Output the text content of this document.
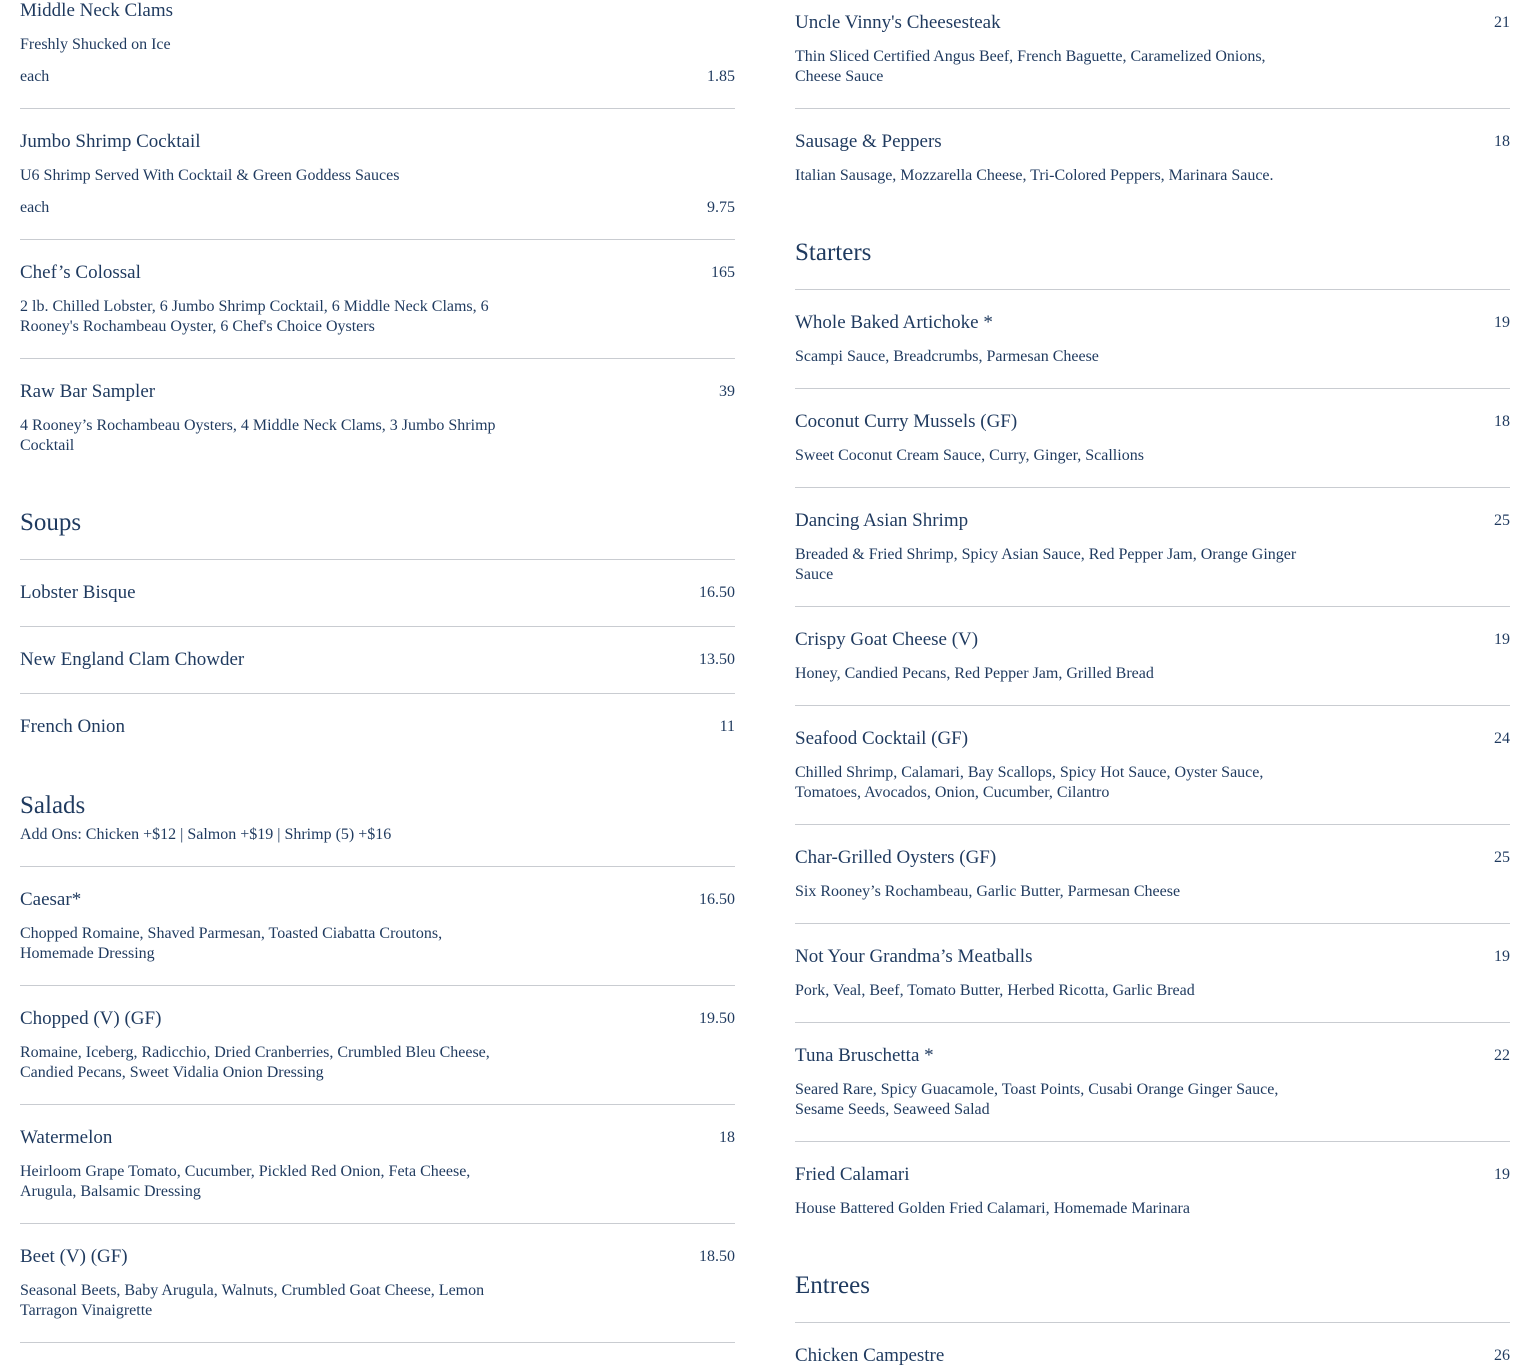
Middle Neck Clams
Freshly Shucked on Ice
each	1.85
Jumbo Shrimp Cocktail
U6 Shrimp Served With Cocktail & Green Goddess Sauces
each	9.75
Chef’s Colossal	165
2 lb. Chilled Lobster, 6 Jumbo Shrimp Cocktail, 6 Middle Neck Clams, 6
Rooney's Rochambeau Oyster, 6 Chef's Choice Oysters
Raw Bar Sampler	39
4 Rooney’s Rochambeau Oysters, 4 Middle Neck Clams, 3 Jumbo Shrimp
Cocktail
Soups
Lobster Bisque	16.50
New England Clam Chowder	13.50
French Onion	11
Salads
Add Ons: Chicken +$12 | Salmon +$19 | Shrimp (5) +$16
Caesar*	16.50
Chopped Romaine, Shaved Parmesan, Toasted Ciabatta Croutons,
Homemade Dressing
Chopped (V) (GF)	19.50
Romaine, Iceberg, Radicchio, Dried Cranberries, Crumbled Bleu Cheese,
Candied Pecans, Sweet Vidalia Onion Dressing
Watermelon	18
Heirloom Grape Tomato, Cucumber, Pickled Red Onion, Feta Cheese,
Arugula, Balsamic Dressing
Beet (V) (GF)	18.50
Seasonal Beets, Baby Arugula, Walnuts, Crumbled Goat Cheese, Lemon
Tarragon Vinaigrette
Uncle Vinny's Cheesesteak	21
Thin Sliced Certified Angus Beef, French Baguette, Caramelized Onions,
Cheese Sauce
Sausage & Peppers	18
Italian Sausage, Mozzarella Cheese, Tri-Colored Peppers, Marinara Sauce.
Starters
Whole Baked Artichoke *	19
Scampi Sauce, Breadcrumbs, Parmesan Cheese
Coconut Curry Mussels (GF)	18
Sweet Coconut Cream Sauce, Curry, Ginger, Scallions
Dancing Asian Shrimp	25
Breaded & Fried Shrimp, Spicy Asian Sauce, Red Pepper Jam, Orange Ginger
Sauce
Crispy Goat Cheese (V)	19
Honey, Candied Pecans, Red Pepper Jam, Grilled Bread
Seafood Cocktail (GF)	24
Chilled Shrimp, Calamari, Bay Scallops, Spicy Hot Sauce, Oyster Sauce,
Tomatoes, Avocados, Onion, Cucumber, Cilantro
Char-Grilled Oysters (GF)	25
Six Rooney’s Rochambeau, Garlic Butter, Parmesan Cheese
Not Your Grandma’s Meatballs	19
Pork, Veal, Beef, Tomato Butter, Herbed Ricotta, Garlic Bread
Tuna Bruschetta *	22
Seared Rare, Spicy Guacamole, Toast Points, Cusabi Orange Ginger Sauce,
Sesame Seeds, Seaweed Salad
Fried Calamari	19
House Battered Golden Fried Calamari, Homemade Marinara
Entrees
Chicken Campestre	26
